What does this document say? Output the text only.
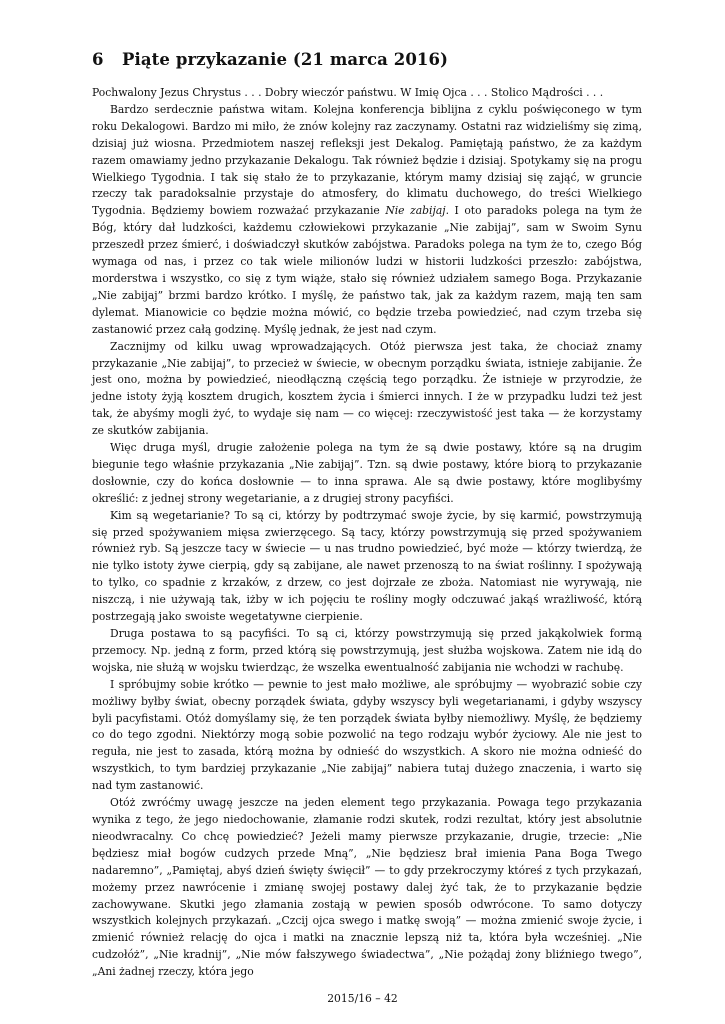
6 Piąte przykazanie (21 marca 2016)

Pochwalony Jezus Chrystus . . . Dobry wieczór państwu. W Imię Ojca . . . Stolico Mądrości . . .

Bardzo serdecznie państwa witam. Kolejna konferencja biblijna z cyklu poświęconego w tym roku Dekalogowi. Bardzo mi miło, że znów kolejny raz zaczynamy. Ostatni raz widzieliśmy się zimą, dzisiaj już wiosna. Przedmiotem naszej refleksji jest Dekalog. Pamiętają państwo, że za każdym razem omawiamy jedno przykazanie Dekalogu. Tak również będzie i dzisiaj. Spotykamy się na progu Wielkiego Tygodnia. I tak się stało że to przykazanie, którym mamy dzisiaj się zająć, w gruncie rzeczy tak paradoksalnie przystaje do atmosfery, do klimatu duchowego, do treści Wielkiego Tygodnia. Będziemy bowiem rozważać przykazanie Nie zabijaj. I oto paradoks polega na tym że Bóg, który dał ludzkości, każdemu człowiekowi przykazanie „Nie zabijaj”, sam w Swoim Synu przeszedł przez śmierć, i doświadczył skutków zabójstwa. Paradoks polega na tym że to, czego Bóg wymaga od nas, i przez co tak wiele milionów ludzi w historii ludzkości przeszło: zabójstwa, morderstwa i wszystko, co się z tym wiąże, stało się również udziałem samego Boga. Przykazanie „Nie zabijaj” brzmi bardzo krótko. I myślę, że państwo tak, jak za każdym razem, mają ten sam dylemat. Mianowicie co będzie można mówić, co będzie trzeba powiedzieć, nad czym trzeba się zastanowić przez całą godzinę. Myślę jednak, że jest nad czym.

Zacznijmy od kilku uwag wprowadzających. Otóż pierwsza jest taka, że chociaż znamy przykazanie „Nie zabijaj”, to przecież w świecie, w obecnym porządku świata, istnieje zabijanie. Że jest ono, można by powiedzieć, nieodłączną częścią tego porządku. Że istnieje w przyrodzie, że jedne istoty żyją kosztem drugich, kosztem życia i śmierci innych. I że w przypadku ludzi też jest tak, że abyśmy mogli żyć, to wydaje się nam — co więcej: rzeczywistość jest taka — że korzystamy ze skutków zabijania.

Więc druga myśl, drugie założenie polega na tym że są dwie postawy, które są na drugim biegunie tego właśnie przykazania „Nie zabijaj”. Tzn. są dwie postawy, które biorą to przykazanie dosłownie, czy do końca dosłownie — to inna sprawa. Ale są dwie postawy, które moglibyśmy określić: z jednej strony wegetarianie, a z drugiej strony pacyfiści.

Kim są wegetarianie? To są ci, którzy by podtrzymać swoje życie, by się karmić, powstrzymują się przed spożywaniem mięsa zwierzęcego. Są tacy, którzy powstrzymują się przed spożywaniem również ryb. Są jeszcze tacy w świecie — u nas trudno powiedzieć, być może — którzy twierdzą, że nie tylko istoty żywe cierpią, gdy są zabijane, ale nawet przenoszą to na świat roślinny. I spożywają to tylko, co spadnie z krzaków, z drzew, co jest dojrzałe ze zboża. Natomiast nie wyrywają, nie niszczą, i nie używają tak, iżby w ich pojęciu te rośliny mogły odczuwać jakąś wrażliwość, którą postrzegają jako swoiste wegetatywne cierpienie.

Druga postawa to są pacyfiści. To są ci, którzy powstrzymują się przed jakąkolwiek formą przemocy. Np. jedną z form, przed którą się powstrzymują, jest służba wojskowa. Zatem nie idą do wojska, nie służą w wojsku twierdząc, że wszelka ewentualność zabijania nie wchodzi w rachubę.

I spróbujmy sobie krótko — pewnie to jest mało możliwe, ale spróbujmy — wyobrazić sobie czy możliwy byłby świat, obecny porządek świata, gdyby wszyscy byli wegetarianami, i gdyby wszyscy byli pacyfistami. Otóż domyślamy się, że ten porządek świata byłby niemożliwy. Myślę, że będziemy co do tego zgodni. Niektórzy mogą sobie pozwolić na tego rodzaju wybór życiowy. Ale nie jest to reguła, nie jest to zasada, którą można by odnieść do wszystkich. A skoro nie można odnieść do wszystkich, to tym bardziej przykazanie „Nie zabijaj” nabiera tutaj dużego znaczenia, i warto się nad tym zastanowić.

Otóż zwróćmy uwagę jeszcze na jeden element tego przykazania. Powaga tego przykazania wynika z tego, że jego niedochowanie, złamanie rodzi skutek, rodzi rezultat, który jest absolutnie nieodwracalny. Co chcę powiedzieć? Jeżeli mamy pierwsze przykazanie, drugie, trzecie: „Nie będziesz miał bogów cudzych przede Mną”, „Nie będziesz brał imienia Pana Boga Twego nadaremno”, „Pamiętaj, abyś dzień święty święcił” — to gdy przekroczymy któreś z tych przykazań, możemy przez nawrócenie i zmianę swojej postawy dalej żyć tak, że to przykazanie będzie zachowywane. Skutki jego złamania zostają w pewien sposób odwrócone. To samo dotyczy wszystkich kolejnych przykazań. „Czcij ojca swego i matkę swoją” — można zmienić swoje życie, i zmienić również relację do ojca i matki na znacznie lepszą niż ta, która była wcześniej. „Nie cudzołóż”, „Nie kradnij”, „Nie mów fałszywego świadectwa”, „Nie pożądaj żony bliźniego twego”, „Ani żadnej rzeczy, która jego

2015/16 – 42
